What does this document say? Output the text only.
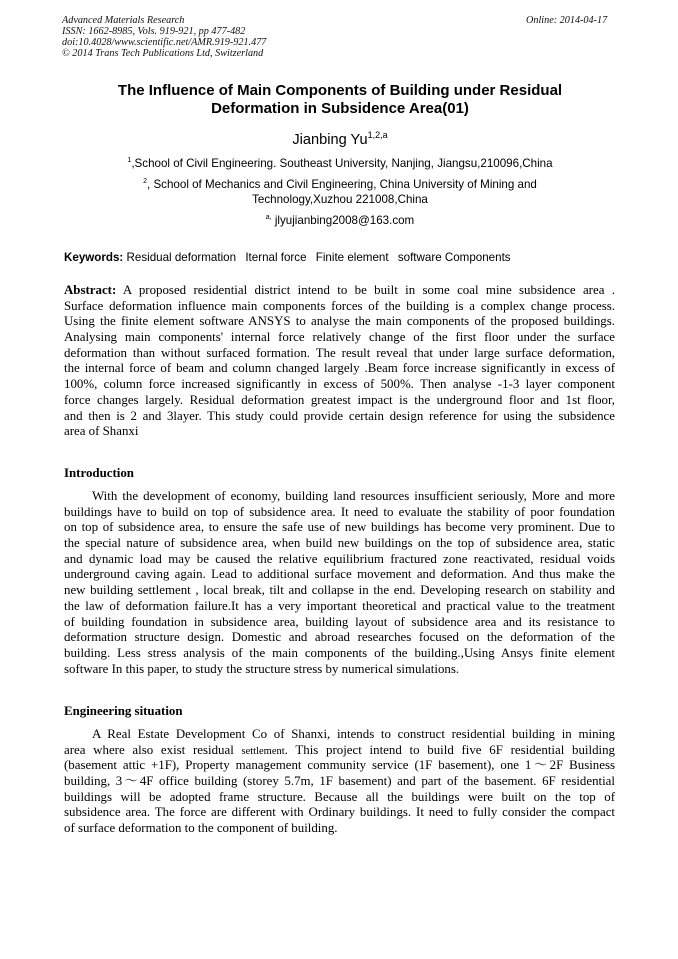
Advanced Materials Research
ISSN: 1662-8985, Vols. 919-921, pp 477-482
doi:10.4028/www.scientific.net/AMR.919-921.477
© 2014 Trans Tech Publications Ltd, Switzerland
Online: 2014-04-17
The Influence of Main Components of Building under Residual
Deformation in Subsidence Area(01)
Jianbing Yu$^{1,2,a}$
$^1$,School of Civil Engineering. Southeast University, Nanjing, Jiangsu,210096,China
$^2$, School of Mechanics and Civil Engineering, China University of Mining and
Technology,Xuzhou 221008,China
$^{a,}$ jlyujianbing2008@163.com
Keywords: Residual deformation Iternal force Finite element software Components
Abstract: A proposed residential district intend to be built in some coal mine subsidence area .
Surface deformation influence main components forces of the building is a complex change process.
Using the finite element software ANSYS to analyse the main components of the proposed buildings.
Analysing main components' internal force relatively change of the first floor under the surface
deformation than without surfaced formation. The result reveal that under large surface deformation,
the internal force of beam and column changed largely .Beam force increase significantly in excess of
100%, column force increased significantly in excess of 500%. Then analyse -1-3 layer component
force changes largely. Residual deformation greatest impact is the underground floor and 1st floor,
and then is 2 and 3layer. This study could provide certain design reference for using the subsidence
area of Shanxi
Introduction
With the development of economy, building land resources insufficient seriously, More and more
buildings have to build on top of subsidence area. It need to evaluate the stability of poor foundation
on top of subsidence area, to ensure the safe use of new buildings has become very prominent. Due to
the special nature of subsidence area, when build new buildings on the top of subsidence area, static
and dynamic load may be caused the relative equilibrium fractured zone reactivated, residual voids
underground caving again. Lead to additional surface movement and deformation. And thus make the
new building settlement , local break, tilt and collapse in the end. Developing research on stability and
the law of deformation failure.It has a very important theoretical and practical value to the treatment
of building foundation in subsidence area, building layout of subsidence area and its resistance to
deformation structure design. Domestic and abroad researches focused on the deformation of the
building. Less stress analysis of the main components of the building.,Using Ansys finite element
software In this paper, to study the structure stress by numerical simulations.
Engineering situation
A Real Estate Development Co of Shanxi, intends to construct residential building in mining
area where also exist residual settlement. This project intend to build five 6F residential building
(basement attic +1F), Property management community service (1F basement), one 1～2F Business
building, 3～4F office building (storey 5.7m, 1F basement) and part of the basement. 6F residential
buildings will be adopted frame structure. Because all the buildings were built on the top of
subsidence area. The force are different with Ordinary buildings. It need to fully consider the compact
of surface deformation to the component of building.
